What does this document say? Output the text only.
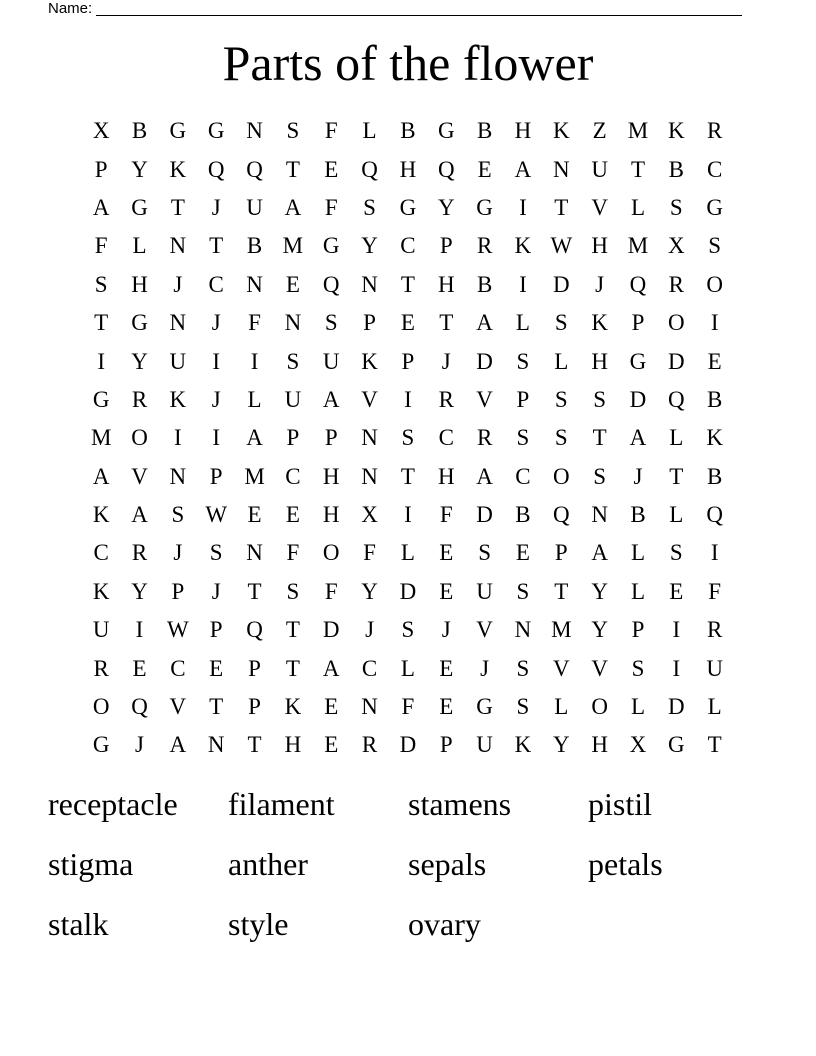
Name:
Parts of the flower
X B G G N	S	F	L	B G B H K	Z M K R
P	Y K Q Q	T	E	Q H Q	E	A N U	T	B	C
A G	T	J	U A	F	S	G Y G	I	T	V	L	S	G
F	L	N	T	B M G Y C	P	R K W H M X	S
S	H	J	C N	E	Q N	T	H B	I	D	J	Q R O
T	G N	J	F	N	S	P	E	T	A	L	S	K	P	O	I
I	Y U	I	I	S	U K	P	J	D	S	L	H G D	E
G R K	J	L	U A V	I	R V	P	S	S	D Q B
M O	I	I	A	P	P	N	S	C	R	S	S	T	A	L	K
A V N	P M C H N	T	H A C O	S	J	T	B
K A	S W E	E	H X	I	F	D B Q N B	L	Q
C	R	J	S	N	F	O	F	L	E	S	E	P	A	L	S	I
K Y	P	J	T	S	F	Y D	E	U	S	T	Y	L	E	F
U	I	W P	Q	T	D	J	S	J	V N M Y	P	I	R
R	E	C	E	P	T	A C	L	E	J	S	V V	S	I	U
O Q V	T	P	K	E	N	F	E	G	S	L	O	L	D	L
G	J	A N	T	H	E	R D	P	U K Y H X G	T
receptacle	filament	stamens	pistil
stigma	anther	sepals	petals
stalk	style	ovary
